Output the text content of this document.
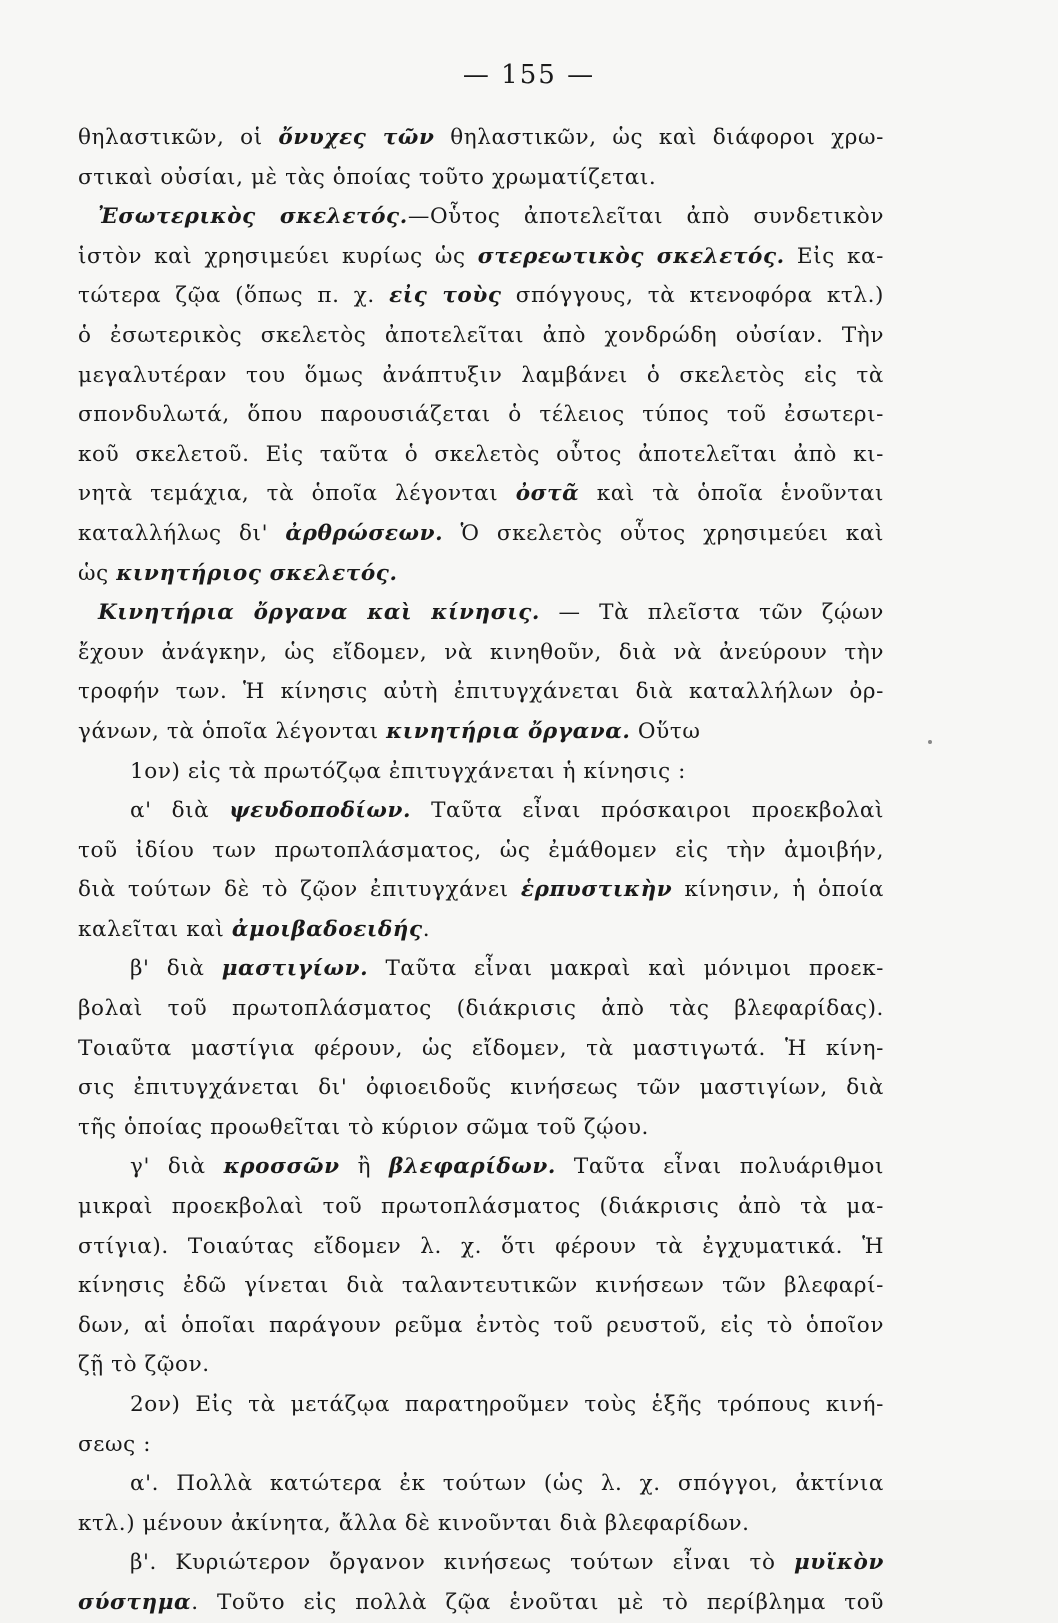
— 155 —
θηλαστικῶν, οἱ ὄνυχες τῶν θηλαστικῶν, ὡς καὶ διάφοροι χρω-
στικαὶ οὐσίαι, μὲ τὰς ὁποίας τοῦτο χρωματίζεται.
Ἐσωτερικὸς σκελετός.—Οὗτος ἀποτελεῖται ἀπὸ συνδετικὸν
ἱστὸν καὶ χρησιμεύει κυρίως ὡς στερεωτικὸς σκελετός. Εἰς κα-
τώτερα ζῷα (ὅπως π. χ. εἰς τοὺς σπόγγους, τὰ κτενοφόρα κτλ.)
ὁ ἐσωτερικὸς σκελετὸς ἀποτελεῖται ἀπὸ χονδρώδη οὐσίαν. Τὴν
μεγαλυτέραν του ὅμως ἀνάπτυξιν λαμβάνει ὁ σκελετὸς εἰς τὰ
σπονδυλωτά, ὅπου παρουσιάζεται ὁ τέλειος τύπος τοῦ ἐσωτερι-
κοῦ σκελετοῦ. Εἰς ταῦτα ὁ σκελετὸς οὗτος ἀποτελεῖται ἀπὸ κι-
νητὰ τεμάχια, τὰ ὁποῖα λέγονται ὀστᾶ καὶ τὰ ὁποῖα ἑνοῦνται
καταλλήλως δι' ἀρθρώσεων. Ὁ σκελετὸς οὗτος χρησιμεύει καὶ
ὡς κινητήριος σκελετός.
Κινητήρια ὄργανα καὶ κίνησις. — Τὰ πλεῖστα τῶν ζῴων
ἔχουν ἀνάγκην, ὡς εἴδομεν, νὰ κινηθοῦν, διὰ νὰ ἀνεύρουν τὴν
τροφήν των. Ἡ κίνησις αὐτὴ ἐπιτυγχάνεται διὰ καταλλήλων ὀρ-
γάνων, τὰ ὁποῖα λέγονται κινητήρια ὄργανα. Οὕτω
1ον) εἰς τὰ πρωτόζῳα ἐπιτυγχάνεται ἡ κίνησις :
α' διὰ ψευδοποδίων. Ταῦτα εἶναι πρόσκαιροι προεκβολαὶ
τοῦ ἰδίου των πρωτοπλάσματος, ὡς ἐμάθομεν εἰς τὴν ἀμοιβήν,
διὰ τούτων δὲ τὸ ζῷον ἐπιτυγχάνει ἑρπυστικὴν κίνησιν, ἡ ὁποία
καλεῖται καὶ ἀμοιβαδοειδής.
β' διὰ μαστιγίων. Ταῦτα εἶναι μακραὶ καὶ μόνιμοι προεκ-
βολαὶ τοῦ πρωτοπλάσματος (διάκρισις ἀπὸ τὰς βλεφαρίδας).
Τοιαῦτα μαστίγια φέρουν, ὡς εἴδομεν, τὰ μαστιγωτά. Ἡ κίνη-
σις ἐπιτυγχάνεται δι' ὀφιοειδοῦς κινήσεως τῶν μαστιγίων, διὰ
τῆς ὁποίας προωθεῖται τὸ κύριον σῶμα τοῦ ζῴου.
γ' διὰ κροσσῶν ἢ βλεφαρίδων. Ταῦτα εἶναι πολυάριθμοι
μικραὶ προεκβολαὶ τοῦ πρωτοπλάσματος (διάκρισις ἀπὸ τὰ μα-
στίγια). Τοιαύτας εἴδομεν λ. χ. ὅτι φέρουν τὰ ἐγχυματικά. Ἡ
κίνησις ἐδῶ γίνεται διὰ ταλαντευτικῶν κινήσεων τῶν βλεφαρί-
δων, αἱ ὁποῖαι παράγουν ρεῦμα ἐντὸς τοῦ ρευστοῦ, εἰς τὸ ὁποῖον
ζῇ τὸ ζῷον.
2ον) Εἰς τὰ μετάζῳα παρατηροῦμεν τοὺς ἑξῆς τρόπους κινή-
σεως :
α'. Πολλὰ κατώτερα ἐκ τούτων (ὡς λ. χ. σπόγγοι, ἀκτίνια
κτλ.) μένουν ἀκίνητα, ἄλλα δὲ κινοῦνται διὰ βλεφαρίδων.
β'. Κυριώτερον ὄργανον κινήσεως τούτων εἶναι τὸ μυϊκὸν
σύστημα. Τοῦτο εἰς πολλὰ ζῷα ἑνοῦται μὲ τὸ περίβλημα τοῦ
